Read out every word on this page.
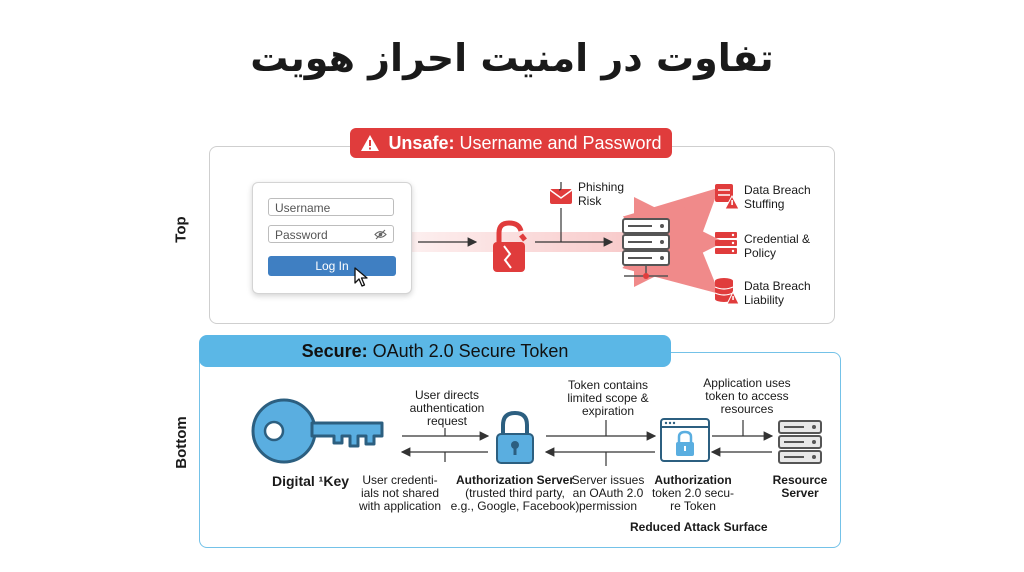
تفاوت در امنیت احراز هویت
Top
Bottom
Unsafe: Username and Password
Username
Password
Log In
Phishing
Risk
Data Breach
Stuffing
Credential &
Policy
Data Breach
Liability
Secure: OAuth 2.0 Secure Token
Digital ¹Key
User directs
authentication
request
User credenti-
ials not shared
with application
Authorization Server
(trusted third party,
e.g., Google, Facebook)
Token contains
limited scope &
expiration
Server issues
an OAuth 2.0
permission
Application uses
token to access
resources
Authorization
token 2.0 secu-
re Token
Resource
Server
Reduced Attack Surface
